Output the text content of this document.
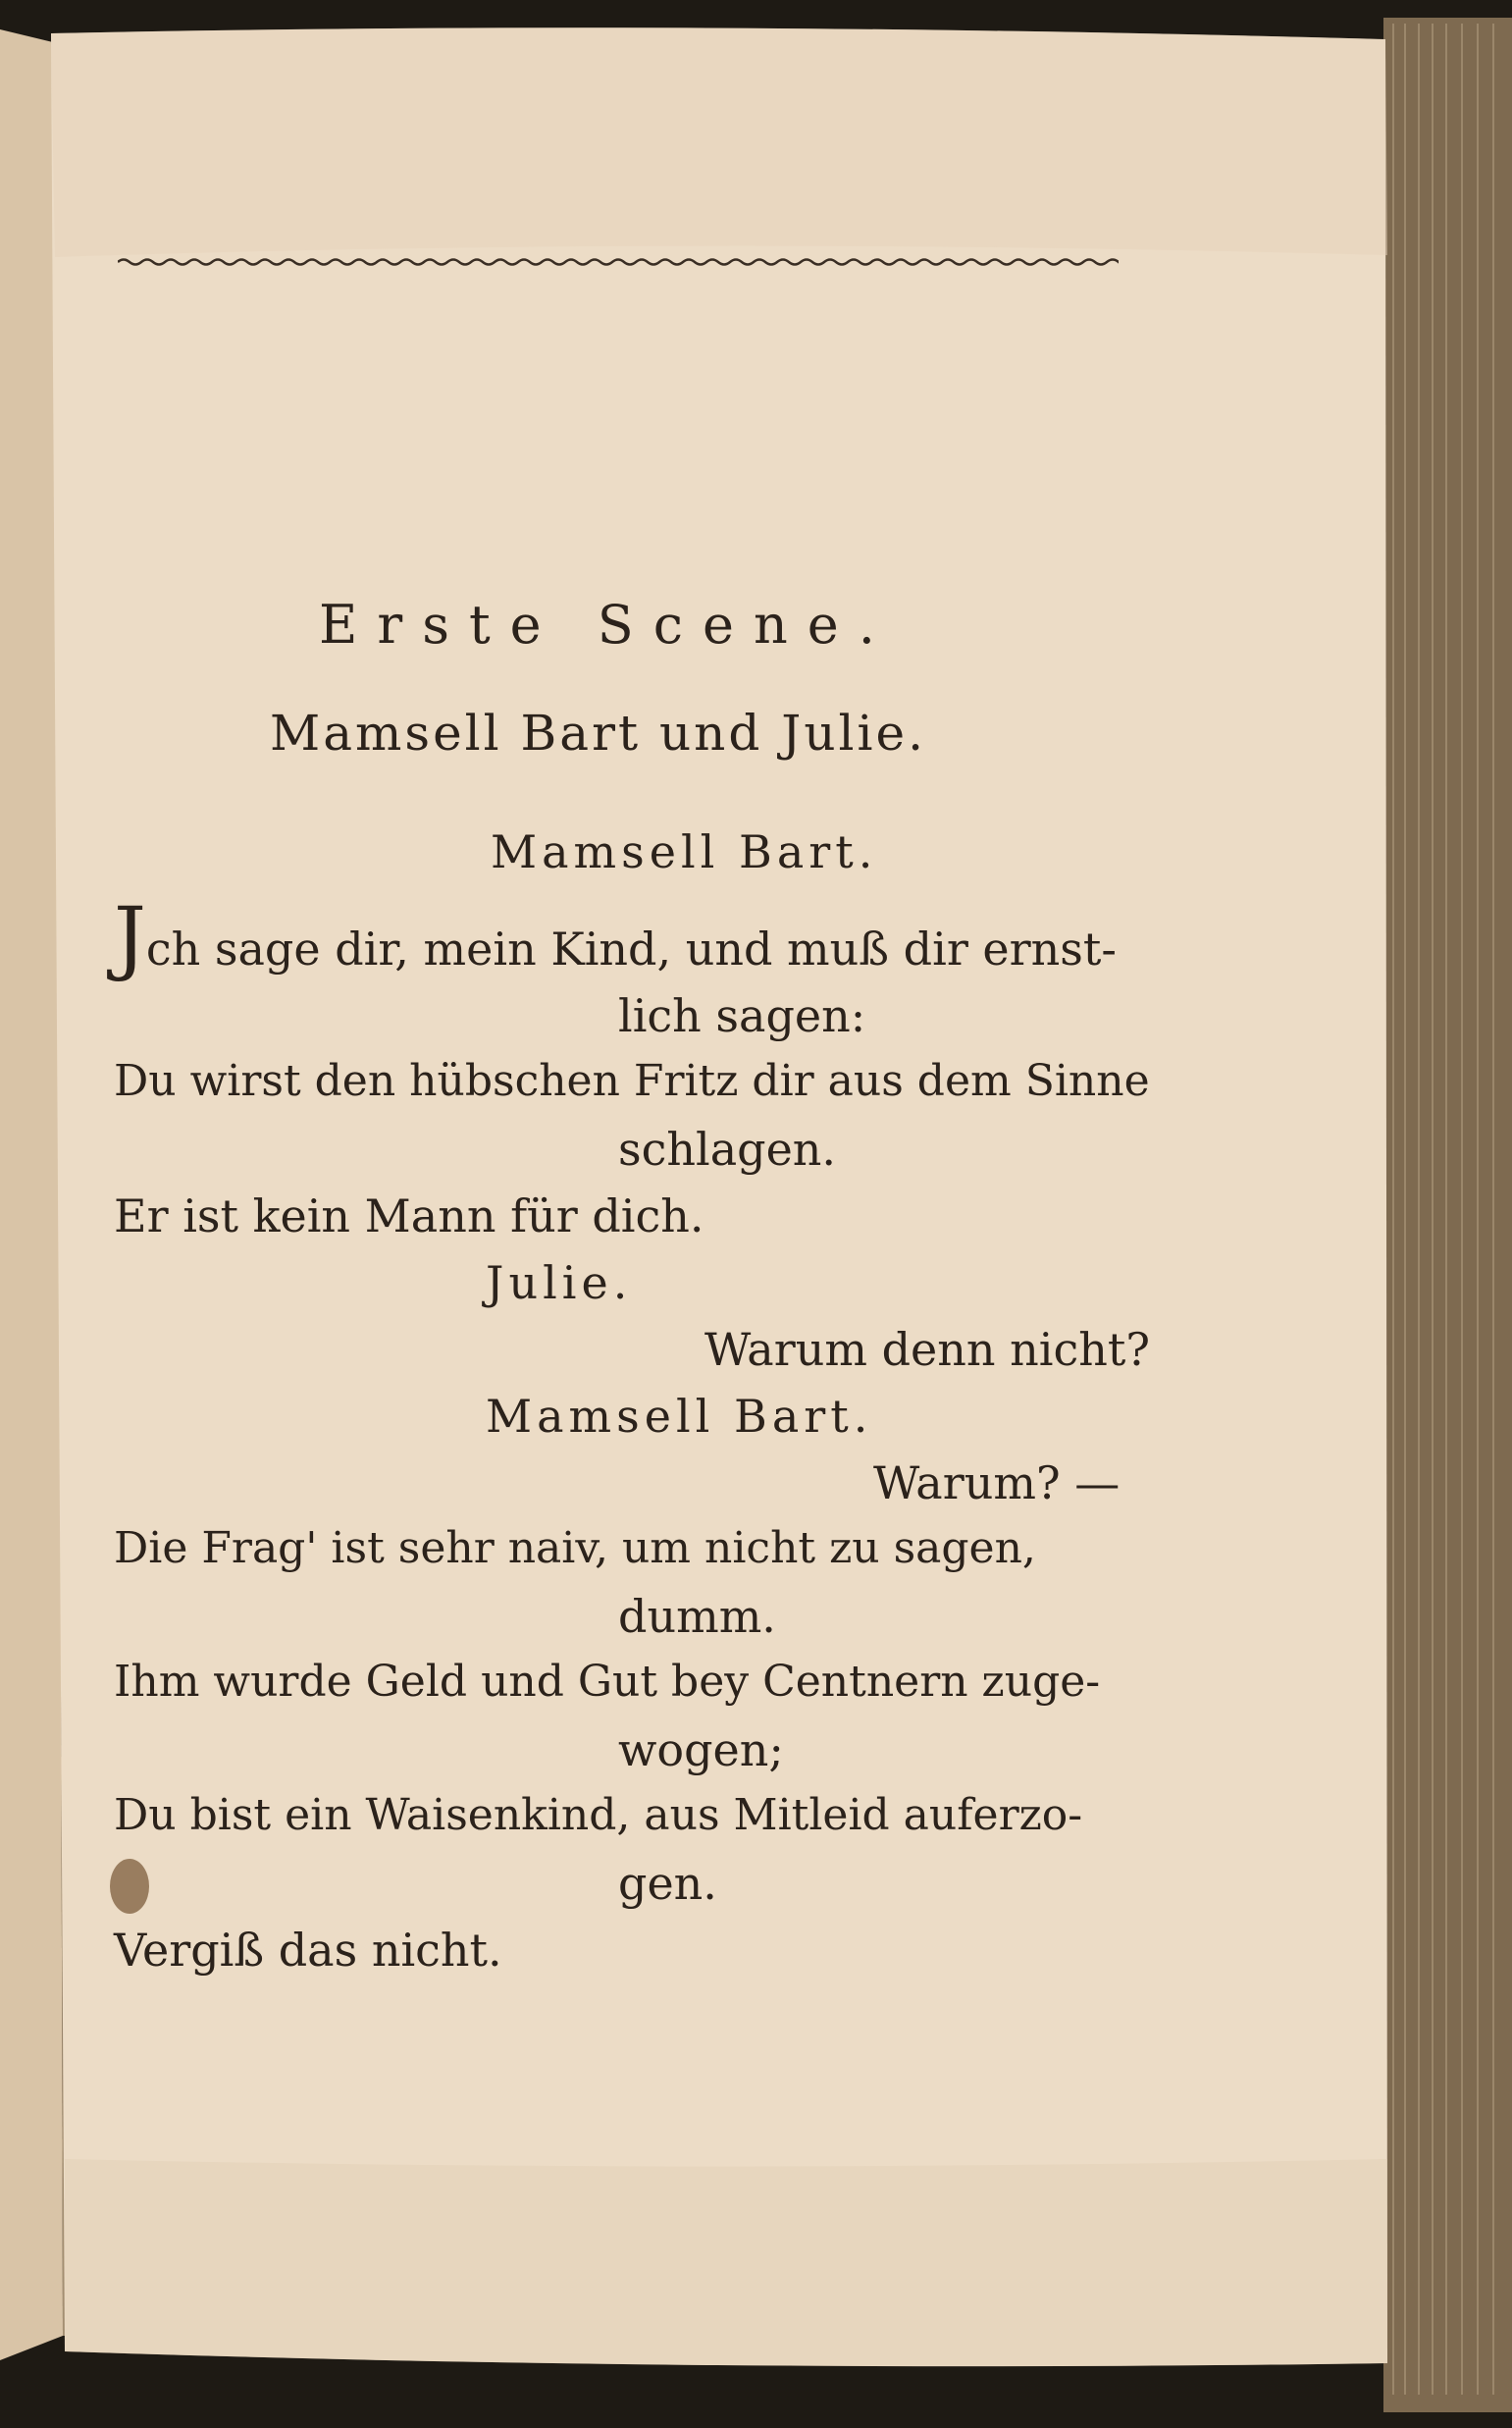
Erste Scene.
Mamsell Bart und Julie.
Mamsell Bart.
Jch sage dir, mein Kind, und muß dir ernst-
lich sagen:
Du wirst den hübschen Fritz dir aus dem Sinne
schlagen.
Er ist kein Mann für dich.
Julie.
Warum denn nicht?
Mamsell Bart.
Warum? —
Die Frag' ist sehr naiv, um nicht zu sagen,
dumm.
Ihm wurde Geld und Gut bey Centnern zuge-
wogen;
Du bist ein Waisenkind, aus Mitleid auferzo-
gen.
Vergiß das nicht.
